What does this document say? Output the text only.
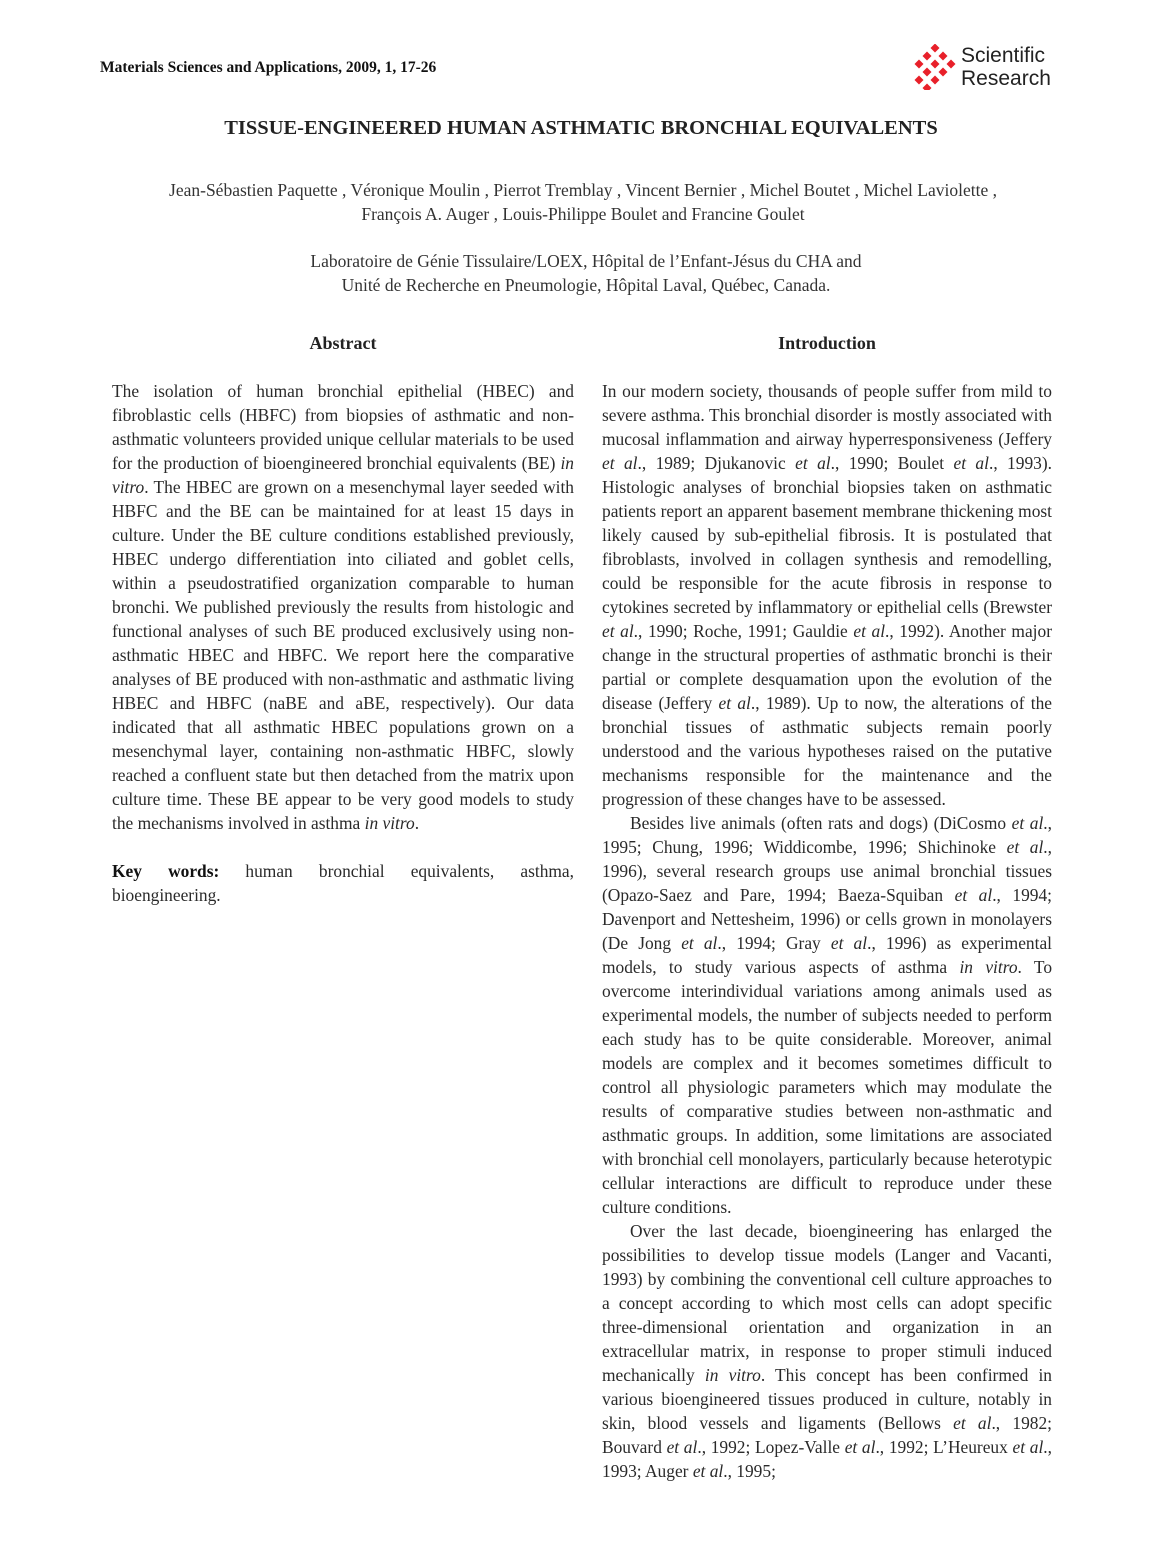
Materials Sciences and Applications, 2009, 1, 17-26
Scientific
Research
TISSUE-ENGINEERED HUMAN ASTHMATIC BRONCHIAL EQUIVALENTS
Jean-Sébastien Paquette , Véronique Moulin , Pierrot Tremblay , Vincent Bernier , Michel Boutet , Michel Laviolette ,
François A. Auger , Louis-Philippe Boulet and Francine Goulet
Laboratoire de Génie Tissulaire/LOEX, Hôpital de l’Enfant-Jésus du CHA and
Unité de Recherche en Pneumologie, Hôpital Laval, Québec, Canada.
Abstract	Introduction

The isolation of human bronchial epithelial (HBEC) and fibroblastic cells (HBFC) from biopsies of asthmatic and non-asthmatic volunteers provided unique cellular materials to be used for the production of bioengineered bronchial equivalents (BE) in vitro. The HBEC are grown on a mesenchymal layer seeded with HBFC and the BE can be maintained for at least 15 days in culture. Under the BE culture conditions established previously, HBEC undergo differentiation into ciliated and goblet cells, within a pseudostratified organization comparable to human bronchi. We published previously the results from histologic and functional analyses of such BE produced exclusively using non-asthmatic HBEC and HBFC. We report here the comparative analyses of BE produced with non-asthmatic and asthmatic living HBEC and HBFC (naBE and aBE, respectively). Our data indicated that all asthmatic HBEC populations grown on a mesenchymal layer, containing non-asthmatic HBFC, slowly reached a confluent state but then detached from the matrix upon culture time. These BE appear to be very good models to study the mechanisms involved in asthma in vitro.

Key words: human bronchial equivalents, asthma, bioengineering.

In our modern society, thousands of people suffer from mild to severe asthma. This bronchial disorder is mostly associated with mucosal inflammation and airway hyperresponsiveness (Jeffery et al., 1989; Djukanovic et al., 1990; Boulet et al., 1993). Histologic analyses of bronchial biopsies taken on asthmatic patients report an apparent basement membrane thickening most likely caused by sub-epithelial fibrosis. It is postulated that fibroblasts, involved in collagen synthesis and remodelling, could be responsible for the acute fibrosis in response to cytokines secreted by inflammatory or epithelial cells (Brewster et al., 1990; Roche, 1991; Gauldie et al., 1992). Another major change in the structural properties of asthmatic bronchi is their partial or complete desquamation upon the evolution of the disease (Jeffery et al., 1989). Up to now, the alterations of the bronchial tissues of asthmatic subjects remain poorly understood and the various hypotheses raised on the putative mechanisms responsible for the maintenance and the progression of these changes have to be assessed.

Besides live animals (often rats and dogs) (DiCosmo et al., 1995; Chung, 1996; Widdicombe, 1996; Shichinoke et al., 1996), several research groups use animal bronchial tissues (Opazo-Saez and Pare, 1994; Baeza-Squiban et al., 1994; Davenport and Nettesheim, 1996) or cells grown in monolayers (De Jong et al., 1994; Gray et al., 1996) as experimental models, to study various aspects of asthma in vitro. To overcome interindividual variations among animals used as experimental models, the number of subjects needed to perform each study has to be quite considerable. Moreover, animal models are complex and it becomes sometimes difficult to control all physiologic parameters which may modulate the results of comparative studies between non-asthmatic and asthmatic groups. In addition, some limitations are associated with bronchial cell monolayers, particularly because heterotypic cellular interactions are difficult to reproduce under these culture conditions.

Over the last decade, bioengineering has enlarged the possibilities to develop tissue models (Langer and Vacanti, 1993) by combining the conventional cell culture approaches to a concept according to which most cells can adopt specific three-dimensional orientation and organization in an extracellular matrix, in response to proper stimuli induced mechanically in vitro. This concept has been confirmed in various bioengineered tissues produced in culture, notably in skin, blood vessels and ligaments (Bellows et al., 1982; Bouvard et al., 1992; Lopez-Valle et al., 1992; L’Heureux et al., 1993; Auger et al., 1995;
